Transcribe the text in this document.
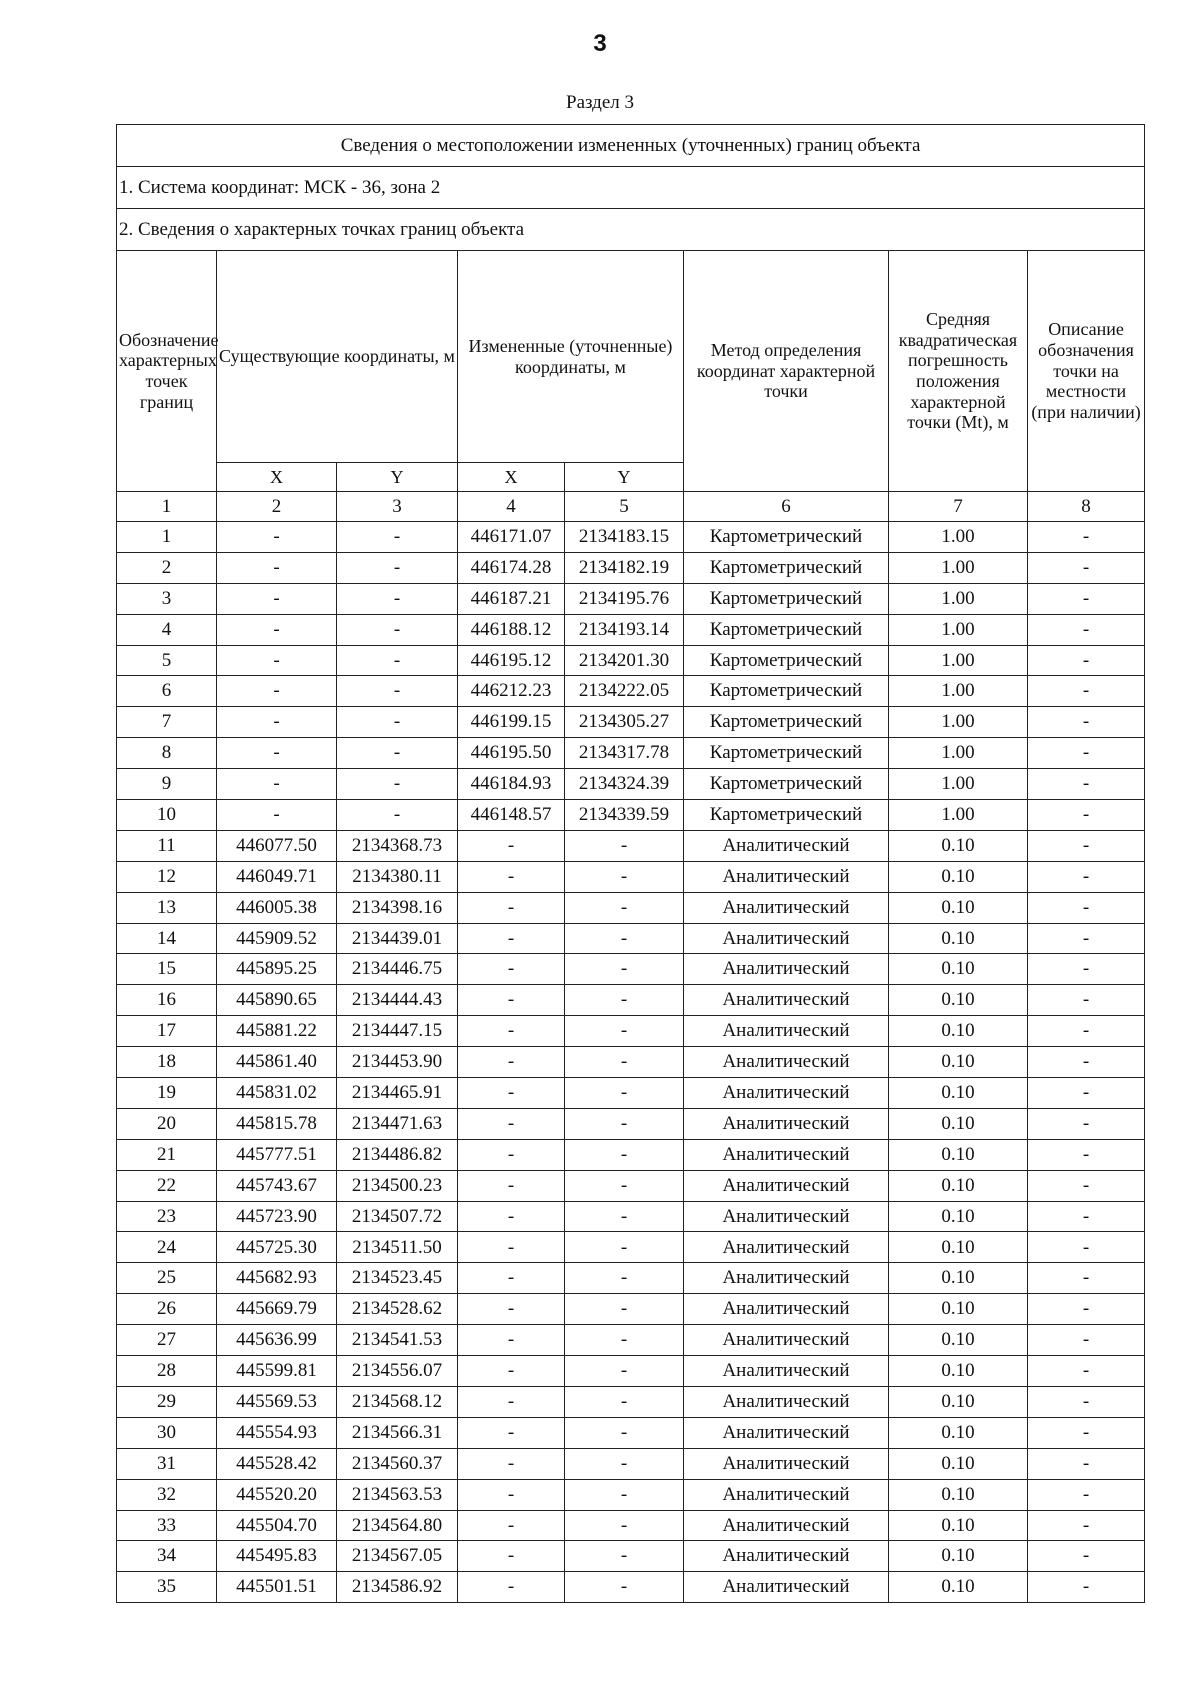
3
Раздел 3
Сведения о местоположении измененных (уточненных) границ объекта							
1. Система координат: МСК - 36, зона 2							
2. Сведения о характерных точках границ объекта							
Обозначение характерных точек границ	Существующие координаты, м		Измененные (уточненные) координаты, м		Метод определения координат характерной точки	Средняя квадратическая погрешность положения характерной точки (Mt), м	Описание обозначения точки на местности (при наличии)
	X	Y	X	Y			
1	2	3	4	5	6	7	8
1	-	-	446171.07	2134183.15	Картометрический	1.00	-
2	-	-	446174.28	2134182.19	Картометрический	1.00	-
3	-	-	446187.21	2134195.76	Картометрический	1.00	-
4	-	-	446188.12	2134193.14	Картометрический	1.00	-
5	-	-	446195.12	2134201.30	Картометрический	1.00	-
6	-	-	446212.23	2134222.05	Картометрический	1.00	-
7	-	-	446199.15	2134305.27	Картометрический	1.00	-
8	-	-	446195.50	2134317.78	Картометрический	1.00	-
9	-	-	446184.93	2134324.39	Картометрический	1.00	-
10	-	-	446148.57	2134339.59	Картометрический	1.00	-
11	446077.50	2134368.73	-	-	Аналитический	0.10	-
12	446049.71	2134380.11	-	-	Аналитический	0.10	-
13	446005.38	2134398.16	-	-	Аналитический	0.10	-
14	445909.52	2134439.01	-	-	Аналитический	0.10	-
15	445895.25	2134446.75	-	-	Аналитический	0.10	-
16	445890.65	2134444.43	-	-	Аналитический	0.10	-
17	445881.22	2134447.15	-	-	Аналитический	0.10	-
18	445861.40	2134453.90	-	-	Аналитический	0.10	-
19	445831.02	2134465.91	-	-	Аналитический	0.10	-
20	445815.78	2134471.63	-	-	Аналитический	0.10	-
21	445777.51	2134486.82	-	-	Аналитический	0.10	-
22	445743.67	2134500.23	-	-	Аналитический	0.10	-
23	445723.90	2134507.72	-	-	Аналитический	0.10	-
24	445725.30	2134511.50	-	-	Аналитический	0.10	-
25	445682.93	2134523.45	-	-	Аналитический	0.10	-
26	445669.79	2134528.62	-	-	Аналитический	0.10	-
27	445636.99	2134541.53	-	-	Аналитический	0.10	-
28	445599.81	2134556.07	-	-	Аналитический	0.10	-
29	445569.53	2134568.12	-	-	Аналитический	0.10	-
30	445554.93	2134566.31	-	-	Аналитический	0.10	-
31	445528.42	2134560.37	-	-	Аналитический	0.10	-
32	445520.20	2134563.53	-	-	Аналитический	0.10	-
33	445504.70	2134564.80	-	-	Аналитический	0.10	-
34	445495.83	2134567.05	-	-	Аналитический	0.10	-
35	445501.51	2134586.92	-	-	Аналитический	0.10	-
